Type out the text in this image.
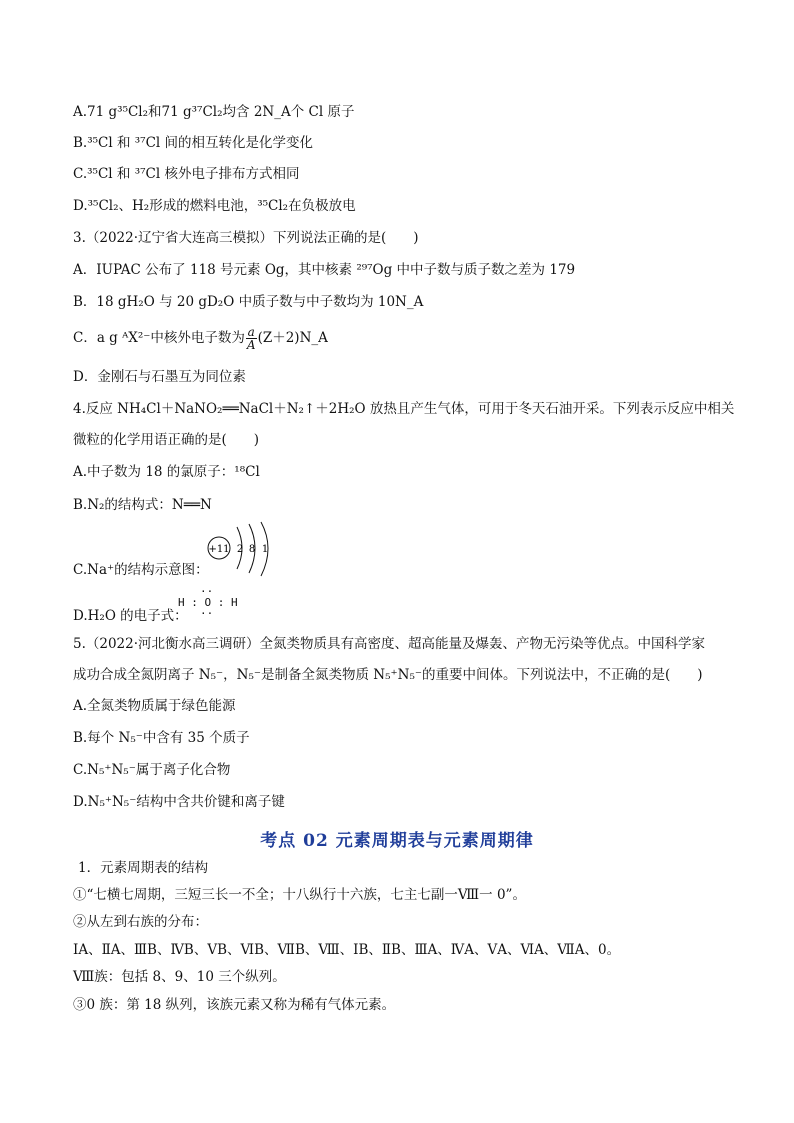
A.71 g³⁵Cl₂和71 g³⁷Cl₂均含 2N_A个 Cl 原子
B.³⁵Cl 和 ³⁷Cl 间的相互转化是化学变化
C.³⁵Cl 和 ³⁷Cl 核外电子排布方式相同
D.³⁵Cl₂、H₂形成的燃料电池，³⁵Cl₂在负极放电
3.（2022·辽宁省大连高三模拟）下列说法正确的是(　　)
A．IUPAC 公布了 118 号元素 Og，其中核素 ²⁹⁷Og 中中子数与质子数之差为 179
B．18 gH₂O 与 20 gD₂O 中质子数与中子数均为 10N_A
C．a g ᴬX²⁻中核外电子数为 $\frac{a}{A}$ (Z＋2)N_A
D．金刚石与石墨互为同位素
4.反应 NH₄Cl＋NaNO₂══NaCl＋N₂↑＋2H₂O 放热且产生气体，可用于冬天石油开采。下列表示反应中相关
微粒的化学用语正确的是(　　)
A.中子数为 18 的氯原子：¹⁸Cl
B.N₂的结构式：N══N
C.Na⁺的结构示意图：
+11 2 8 1
D.H₂O 的电子式：
··
H : O : H
··
5.（2022·河北衡水高三调研）全氮类物质具有高密度、超高能量及爆轰、产物无污染等优点。中国科学家
成功合成全氮阴离子 N₅⁻，N₅⁻是制备全氮类物质 N₅⁺N₅⁻的重要中间体。下列说法中，不正确的是(　　)
A.全氮类物质属于绿色能源
B.每个 N₅⁻中含有 35 个质子
C.N₅⁺N₅⁻属于离子化合物
D.N₅⁺N₅⁻结构中含共价键和离子键
考点 02 元素周期表与元素周期律
1．元素周期表的结构
①“七横七周期，三短三长一不全；十八纵行十六族，七主七副一Ⅷ一 0”。
②从左到右族的分布：
ⅠA、ⅡA、ⅢB、ⅣB、ⅤB、ⅥB、ⅦB、Ⅷ、ⅠB、ⅡB、ⅢA、ⅣA、ⅤA、ⅥA、ⅦA、0。
Ⅷ族：包括 8、9、10 三个纵列。
③0 族：第 18 纵列，该族元素又称为稀有气体元素。
